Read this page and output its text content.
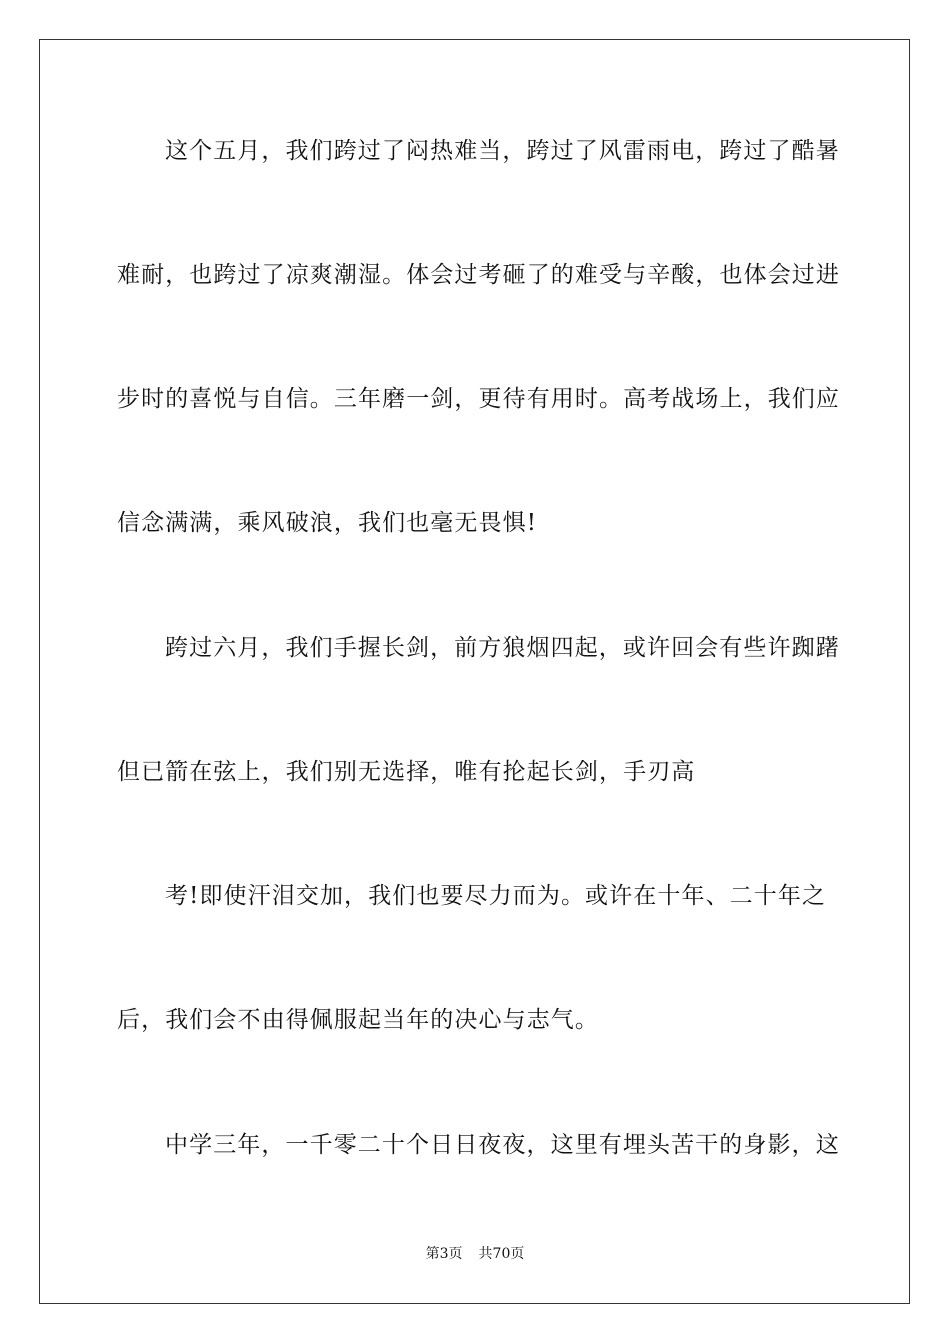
这个五月，我们跨过了闷热难当，跨过了风雷雨电，跨过了酷暑
难耐，也跨过了凉爽潮湿。体会过考砸了的难受与辛酸，也体会过进
步时的喜悦与自信。三年磨一剑，更待有用时。高考战场上，我们应
信念满满，乘风破浪，我们也毫无畏惧!
跨过六月，我们手握长剑，前方狼烟四起，或许回会有些许踟躇
但已箭在弦上，我们别无选择，唯有抡起长剑，手刃高
考!即使汗泪交加，我们也要尽力而为。或许在十年、二十年之
后，我们会不由得佩服起当年的决心与志气。
中学三年，一千零二十个日日夜夜，这里有埋头苦干的身影，这
第3页 共70页
